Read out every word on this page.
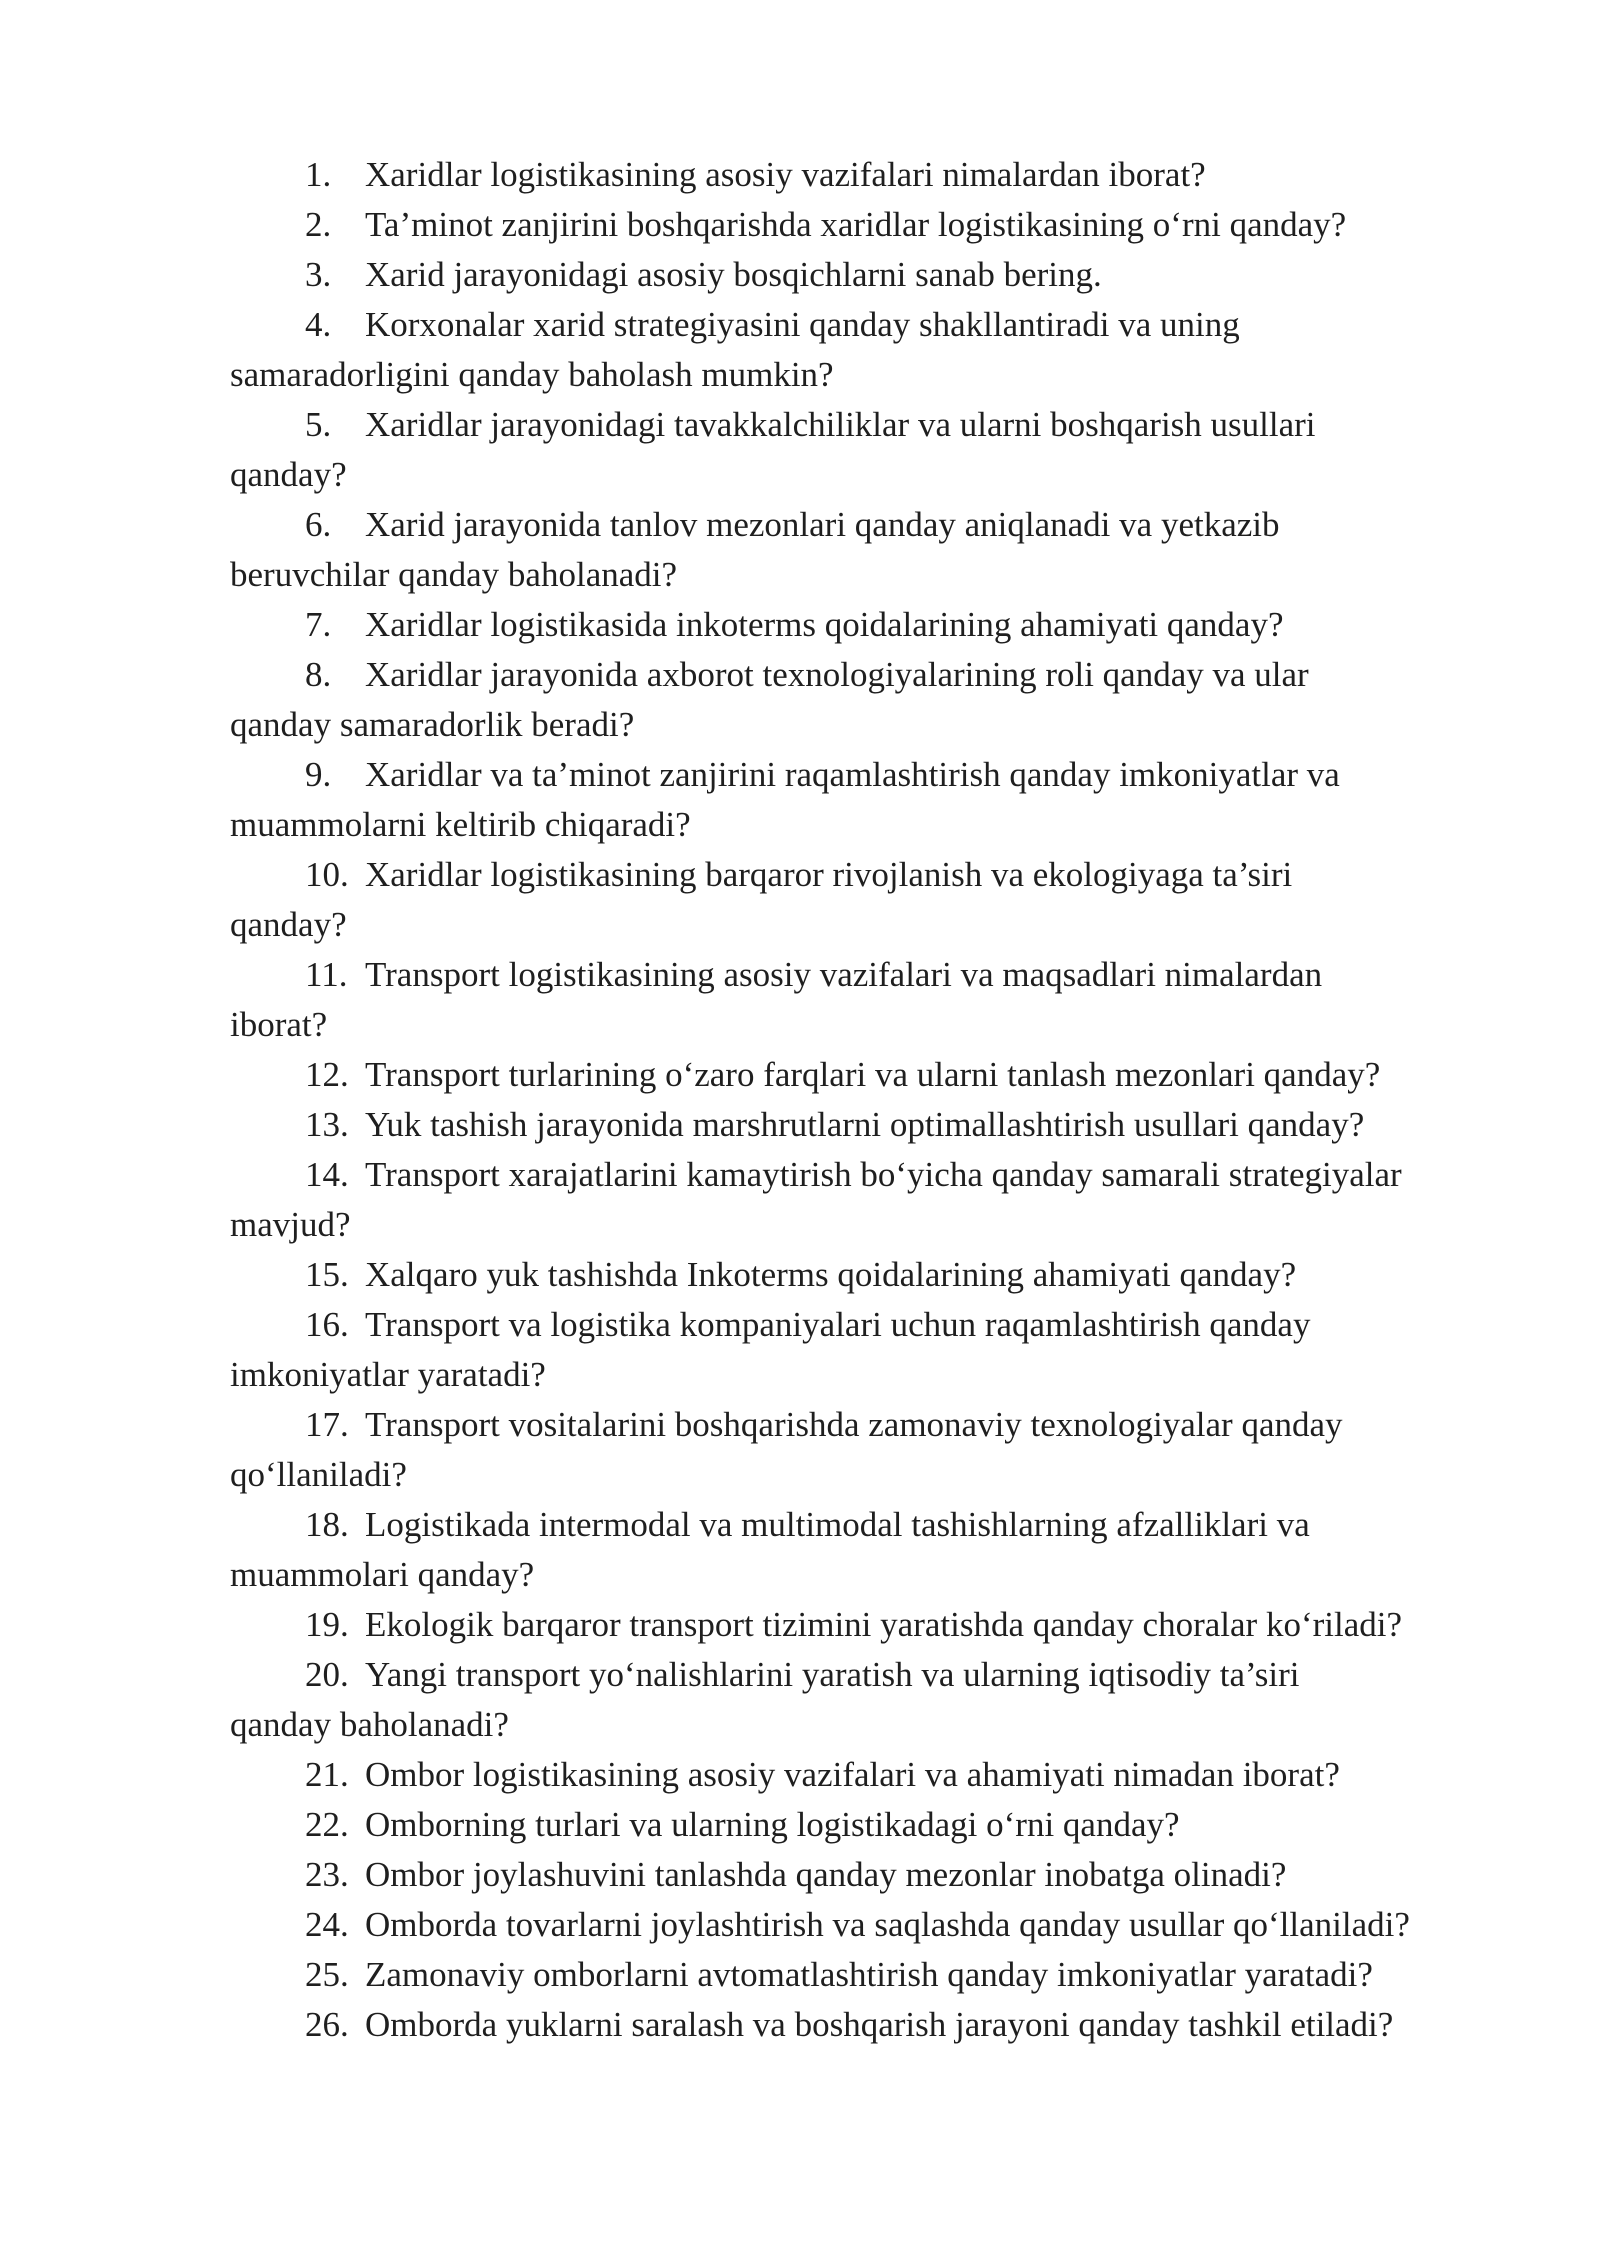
1. Xaridlar logistikasining asosiy vazifalari nimalardan iborat?

2. Ta’minot zanjirini boshqarishda xaridlar logistikasining oʻrni qanday?

3. Xarid jarayonidagi asosiy bosqichlarni sanab bering.

4. Korxonalar xarid strategiyasini qanday shakllantiradi va uning
samaradorligini qanday baholash mumkin?

5. Xaridlar jarayonidagi tavakkalchiliklar va ularni boshqarish usullari
qanday?

6. Xarid jarayonida tanlov mezonlari qanday aniqlanadi va yetkazib
beruvchilar qanday baholanadi?

7. Xaridlar logistikasida inkoterms qoidalarining ahamiyati qanday?

8. Xaridlar jarayonida axborot texnologiyalarining roli qanday va ular
qanday samaradorlik beradi?

9. Xaridlar va ta’minot zanjirini raqamlashtirish qanday imkoniyatlar va
muammolarni keltirib chiqaradi?

10. Xaridlar logistikasining barqaror rivojlanish va ekologiyaga ta’siri
qanday?

11. Transport logistikasining asosiy vazifalari va maqsadlari nimalardan
iborat?

12. Transport turlarining oʻzaro farqlari va ularni tanlash mezonlari qanday?

13. Yuk tashish jarayonida marshrutlarni optimallashtirish usullari qanday?

14. Transport xarajatlarini kamaytirish boʻyicha qanday samarali strategiyalar
mavjud?

15. Xalqaro yuk tashishda Inkoterms qoidalarining ahamiyati qanday?

16. Transport va logistika kompaniyalari uchun raqamlashtirish qanday
imkoniyatlar yaratadi?

17. Transport vositalarini boshqarishda zamonaviy texnologiyalar qanday
qoʻllaniladi?

18. Logistikada intermodal va multimodal tashishlarning afzalliklari va
muammolari qanday?

19. Ekologik barqaror transport tizimini yaratishda qanday choralar koʻriladi?

20. Yangi transport yoʻnalishlarini yaratish va ularning iqtisodiy ta’siri
qanday baholanadi?

21. Ombor logistikasining asosiy vazifalari va ahamiyati nimadan iborat?

22. Omborning turlari va ularning logistikadagi oʻrni qanday?

23. Ombor joylashuvini tanlashda qanday mezonlar inobatga olinadi?

24. Omborda tovarlarni joylashtirish va saqlashda qanday usullar qoʻllaniladi?

25. Zamonaviy omborlarni avtomatlashtirish qanday imkoniyatlar yaratadi?

26. Omborda yuklarni saralash va boshqarish jarayoni qanday tashkil etiladi?
